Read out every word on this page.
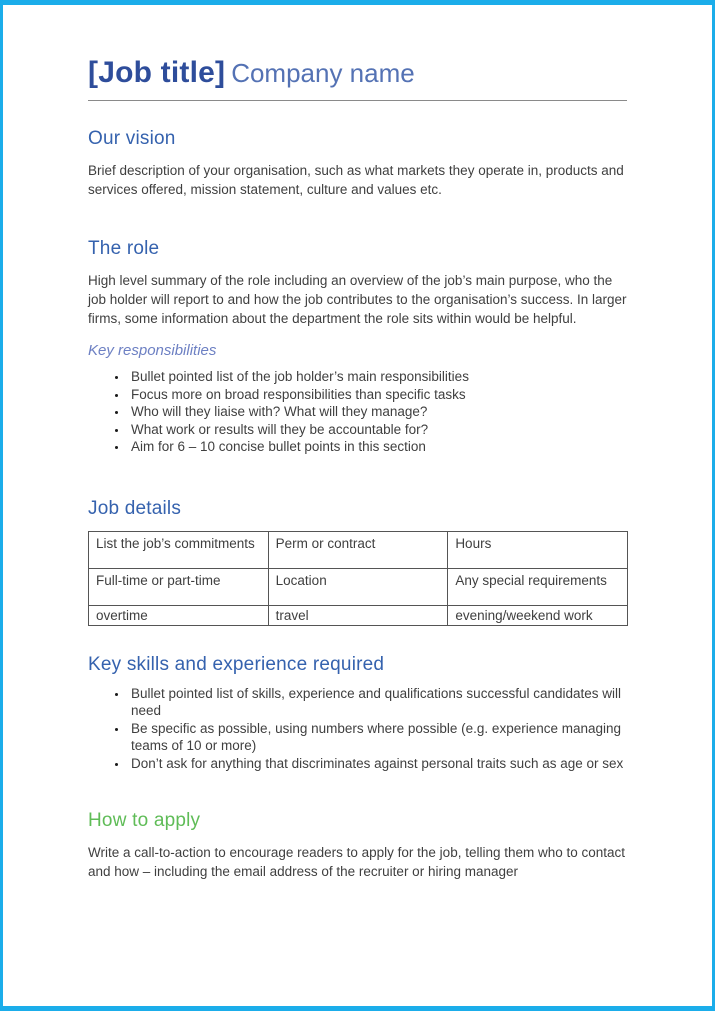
[Job title] Company name
Our vision

Brief description of your organisation, such as what markets they operate in, products and services offered, mission statement, culture and values etc.

The role

High level summary of the role including an overview of the job’s main purpose, who the job holder will report to and how the job contributes to the organisation’s success. In larger firms, some information about the department the role sits within would be helpful.

Key responsibilities
• Bullet pointed list of the job holder’s main responsibilities
• Focus more on broad responsibilities than specific tasks
• Who will they liaise with? What will they manage?
• What work or results will they be accountable for?
• Aim for 6 – 10 concise bullet points in this section
Job details
List the job’s commitments	Perm or contract	Hours
Full-time or part-time	Location	Any special requirements
overtime	travel	evening/weekend work
Key skills and experience required
• Bullet pointed list of skills, experience and qualifications successful candidates will need
• Be specific as possible, using numbers where possible (e.g. experience managing teams of 10 or more)
• Don’t ask for anything that discriminates against personal traits such as age or sex
How to apply

Write a call-to-action to encourage readers to apply for the job, telling them who to contact and how – including the email address of the recruiter or hiring manager
